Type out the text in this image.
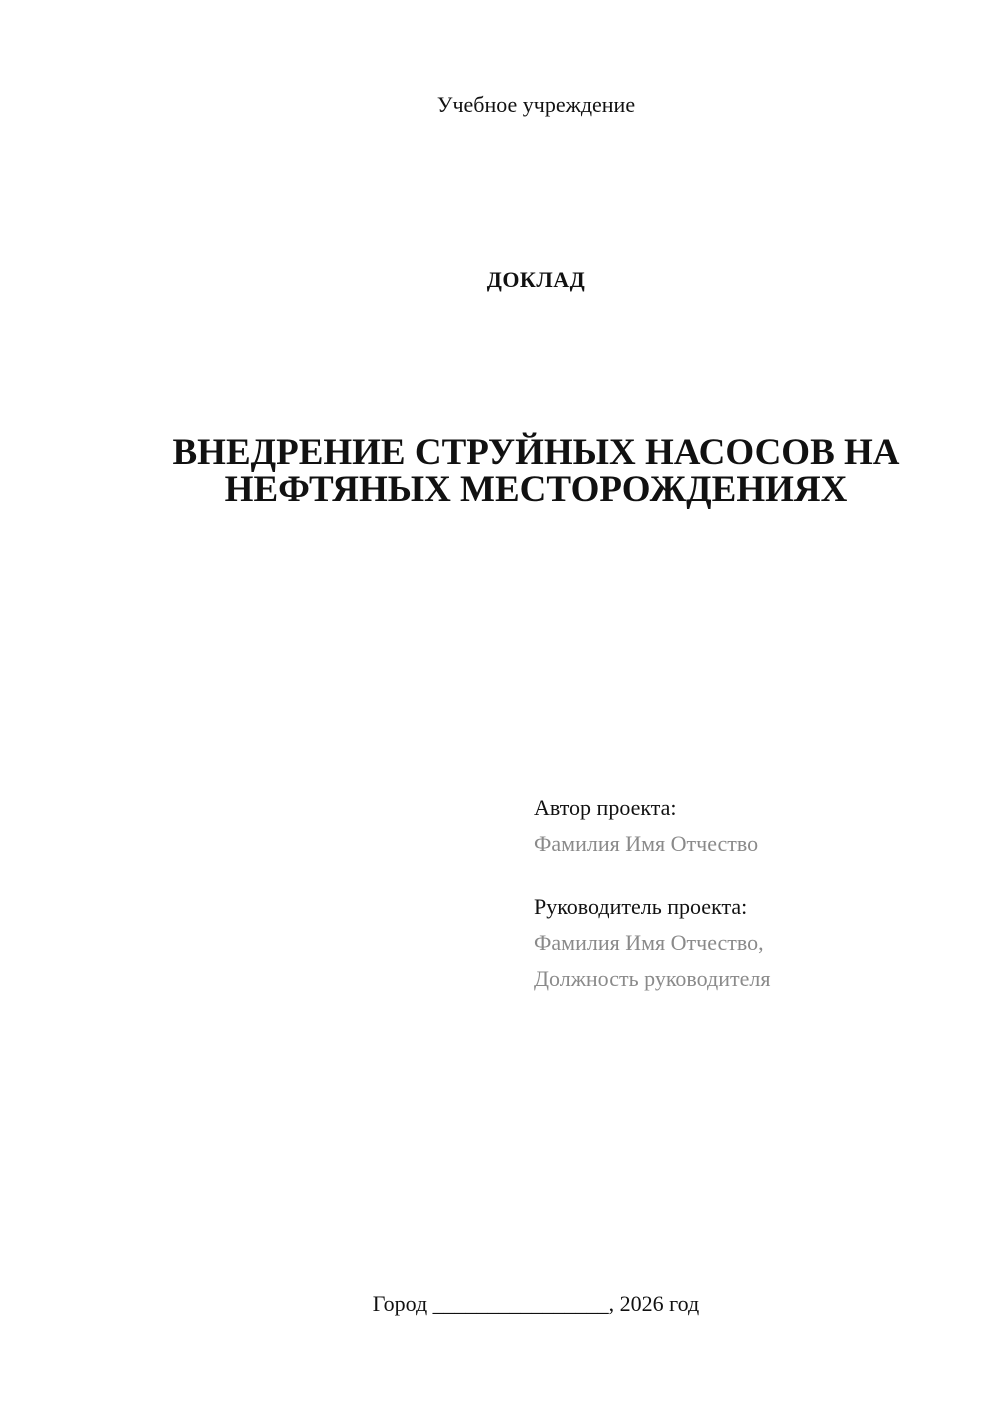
Учебное учреждение
ДОКЛАД
ВНЕДРЕНИЕ СТРУЙНЫХ НАСОСОВ НА
НЕФТЯНЫХ МЕСТОРОЖДЕНИЯХ
Автор проекта:
Фамилия Имя Отчество
Руководитель проекта:
Фамилия Имя Отчество,
Должность руководителя
Город ________________, 2026 год
